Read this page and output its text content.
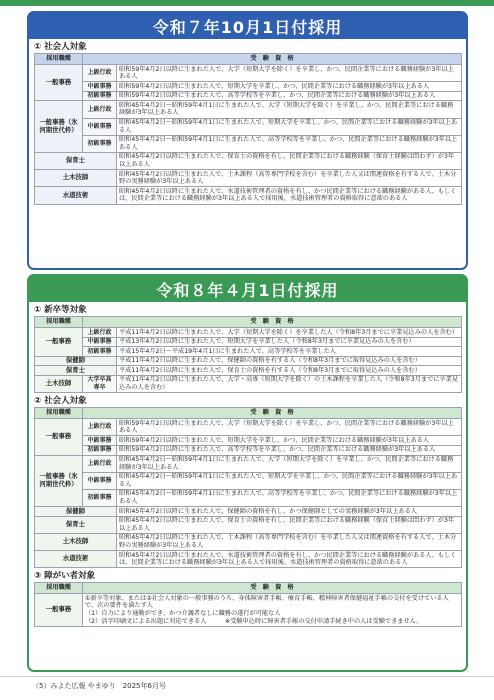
令和７年10月1日付採用
① 社会人対象
採用職種	受　験　資　格	
一般事務	上級行政	昭和59年4月2日以降に生まれた人で、大学（短期大学を除く）を卒業し、かつ、民間企業等における職務経験が3年以上ある人
	中級事務	昭和59年4月2日以降に生まれた人で、短期大学を卒業し、かつ、民間企業等における職務経験が3年以上ある人
	初級事務	昭和59年4月2日以降に生まれた人で、高等学校等を卒業し、かつ、民間企業等における職務経験が3年以上ある人
一般事務（氷河期世代枠）	上級行政	昭和45年4月2日～昭和59年4月1日に生まれた人で、大学（短期大学を除く）を卒業し、かつ、民間企業等における職務経験が3年以上ある人
	中級事務	昭和45年4月2日～昭和59年4月1日に生まれた人で、短期大学を卒業し、かつ、民間企業等における職務経験が3年以上ある人
	初級事務	昭和45年4月2日～昭和59年4月1日に生まれた人で、高等学校等を卒業し、かつ、民間企業等における職務経験が3年以上ある人
保育士		昭和45年4月2日以降に生まれた人で、保育士の資格を有し、民間企業等における職務経験（保育士経験は問わず）が3年以上ある人
土木技師		昭和45年4月2日以降に生まれた人で、土木課程（高等専門学校を含む）を卒業した人又は関連資格を有する人で、土木分野の実務経験が3年以上ある人
水道技術		昭和45年4月2日以降に生まれた人で、水道技術管理者の資格を有し、かつ民間企業等における職務経験がある人、もしくは、民間企業等における職務経験が3年以上ある人で採用後、水道技術管理者の資格取得に意欲のある人
令和８年４月1日付採用
① 新卒等対象
採用職種	受　験　資　格	
一般事務	上級行政	平成11年4月2日以降に生まれた人で、大学（短期大学を除く）を卒業した人（令和8年3月までに卒業見込みの人を含む）
	中級事務	平成13年4月2日以降に生まれた人で、短期大学を卒業した人（令和8年3月までに卒業見込みの人を含む）
	初級事務	平成15年4月2日～平成19年4月1日に生まれた人で、高等学校等を卒業した人
保健師		平成11年4月2日以降に生まれた人で、保健師の資格を有する人（令和8年3月までに取得見込みの人を含む）
保育士		平成11年4月2日以降に生まれた人で、保育士の資格を有する人（令和8年3月までに取得見込みの人を含む）
土木技師	大学卒高専卒	平成11年4月2日以降に生まれた人で、大学・高専（短期大学を除く）の土木課程を卒業した人（令和8年3月までに卒業見込みの人を含む）
② 社会人対象
採用職種	受　験　資　格	
一般事務	上級行政	昭和59年4月2日以降に生まれた人で、大学（短期大学を除く）を卒業し、かつ、民間企業等における職務経験が3年以上ある人
	中級事務	昭和59年4月2日以降に生まれた人で、短期大学を卒業し、かつ、民間企業等における職務経験が3年以上ある人
	初級事務	昭和59年4月2日以降に生まれた人で、高等学校等を卒業し、かつ、民間企業等における職務経験が3年以上ある人
一般事務（氷河期世代枠）	上級行政	昭和45年4月2日～昭和59年4月1日に生まれた人で、大学（短期大学を除く）を卒業し、かつ、民間企業等における職務経験が3年以上ある人
	中級事務	昭和45年4月2日～昭和59年4月1日に生まれた人で、短期大学を卒業し、かつ、民間企業等における職務経験が3年以上ある人
	初級事務	昭和45年4月2日～昭和59年4月1日に生まれた人で、高等学校等を卒業し、かつ、民間企業等における職務経験が3年以上ある人
保健師		昭和45年4月2日以降に生まれた人で、保健師の資格を有し、かつ保健師としての実務経験が3年以上ある人
保育士		昭和45年4月2日以降に生まれた人で、保育士の資格を有し、民間企業等における職務経験（保育士経験は問わず）が3年以上ある人
土木技師		昭和45年4月2日以降に生まれた人で、土木課程（高等専門学校を含む）を卒業した人又は関連資格を有する人で、土木分野の実務経験が3年以上ある人
水道技術		昭和45年4月2日以降に生まれた人で、水道技術管理者の資格を有し、かつ民間企業等における職務経験がある人、もしくは、民間企業等における職務経験が3年以上ある人で採用後、水道技術管理者の資格取得に意欲のある人
③ 障がい者対象
採用職種	受　験　資　格
一般事務	①新卒等対象、または②社会人対象の一般事務のうち、身体障害者手帳、療育手帳、精神障害者保健福祉手帳の交付を受けている人で、次の要件を満たす人
（1）自力により通勤ができ、かつ介護者なしに職務の遂行が可能な人
（2）活字印刷文による出題に対応できる人　　　※受験申込時に障害者手帳の交付申請手続き中の人は受験できません。
（5）みよた広報 やまゆり　2025年6月号
